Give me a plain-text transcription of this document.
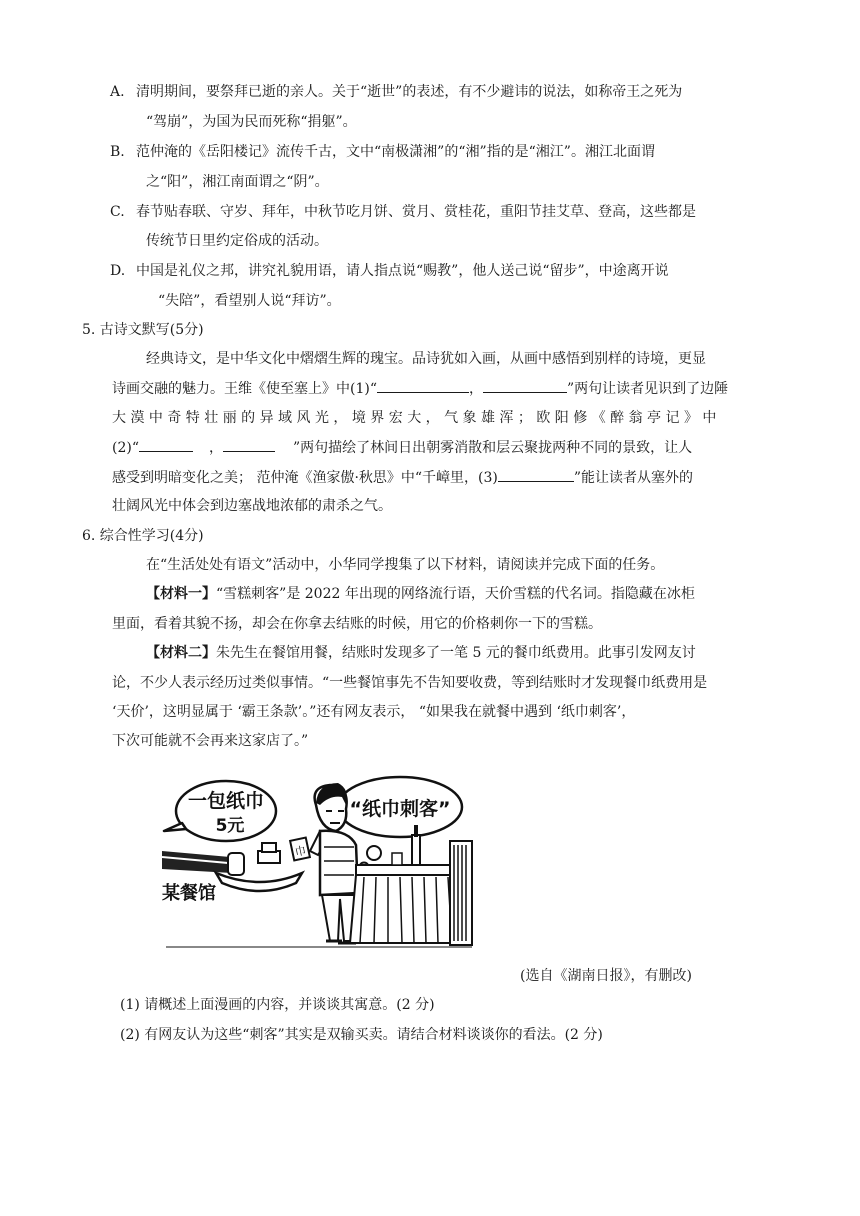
A. 清明期间，要祭拜已逝的亲人。关于“逝世”的表述，有不少避讳的说法，如称帝王之死为
“驾崩”，为国为民而死称“捐躯”。
B. 范仲淹的《岳阳楼记》流传千古，文中“南极潇湘”的“湘”指的是“湘江”。湘江北面谓
之“阳”，湘江南面谓之“阴”。
C. 春节贴春联、守岁、拜年，中秋节吃月饼、赏月、赏桂花，重阳节挂艾草、登高，这些都是
传统节日里约定俗成的活动。
D. 中国是礼仪之邦，讲究礼貌用语，请人指点说“赐教”，他人送己说“留步”，中途离开说
“失陪”，看望别人说“拜访”。
5. 古诗文默写(5分)
经典诗文，是中华文化中熠熠生辉的瑰宝。品诗犹如入画，从画中感悟到别样的诗境，更显
诗画交融的魅力。王维《使至塞上》中(1)“	，	”两句让读者见识到了边陲
大 漠 中 奇 特 壮 丽 的 异 域 风 光 ， 境 界 宏 大 ， 气 象 雄 浑 ； 欧 阳 修 《 醉 翁 亭 记 》 中
(2)“	，	”两句描绘了林间日出朝雾消散和层云聚拢两种不同的景致，让人
感受到明暗变化之美； 范仲淹《渔家傲·秋思》中“千嶂里，(3)	”能让读者从塞外的
壮阔风光中体会到边塞战地浓郁的肃杀之气。
6. 综合性学习(4分)
在“生活处处有语文”活动中，小华同学搜集了以下材料，请阅读并完成下面的任务。
【材料一】“雪糕刺客”是 2022 年出现的网络流行语，天价雪糕的代名词。指隐藏在冰柜
里面，看着其貌不扬，却会在你拿去结账的时候，用它的价格刺你一下的雪糕。
【材料二】朱先生在餐馆用餐，结账时发现多了一笔 5 元的餐巾纸费用。此事引发网友讨
论，不少人表示经历过类似事情。“一些餐馆事先不告知要收费，等到结账时才发现餐巾纸费用是
‘天价’，这明显属于 ‘霸王条款’。”还有网友表示， “如果我在就餐中遇到 ‘纸巾刺客’，
下次可能就不会再来这家店了。”
一包纸巾
5元
“纸巾刺客”
某餐馆
巾
(选自《湖南日报》，有删改)
(1) 请概述上面漫画的内容，并谈谈其寓意。(2 分)
(2) 有网友认为这些“刺客”其实是双输买卖。请结合材料谈谈你的看法。(2 分)
